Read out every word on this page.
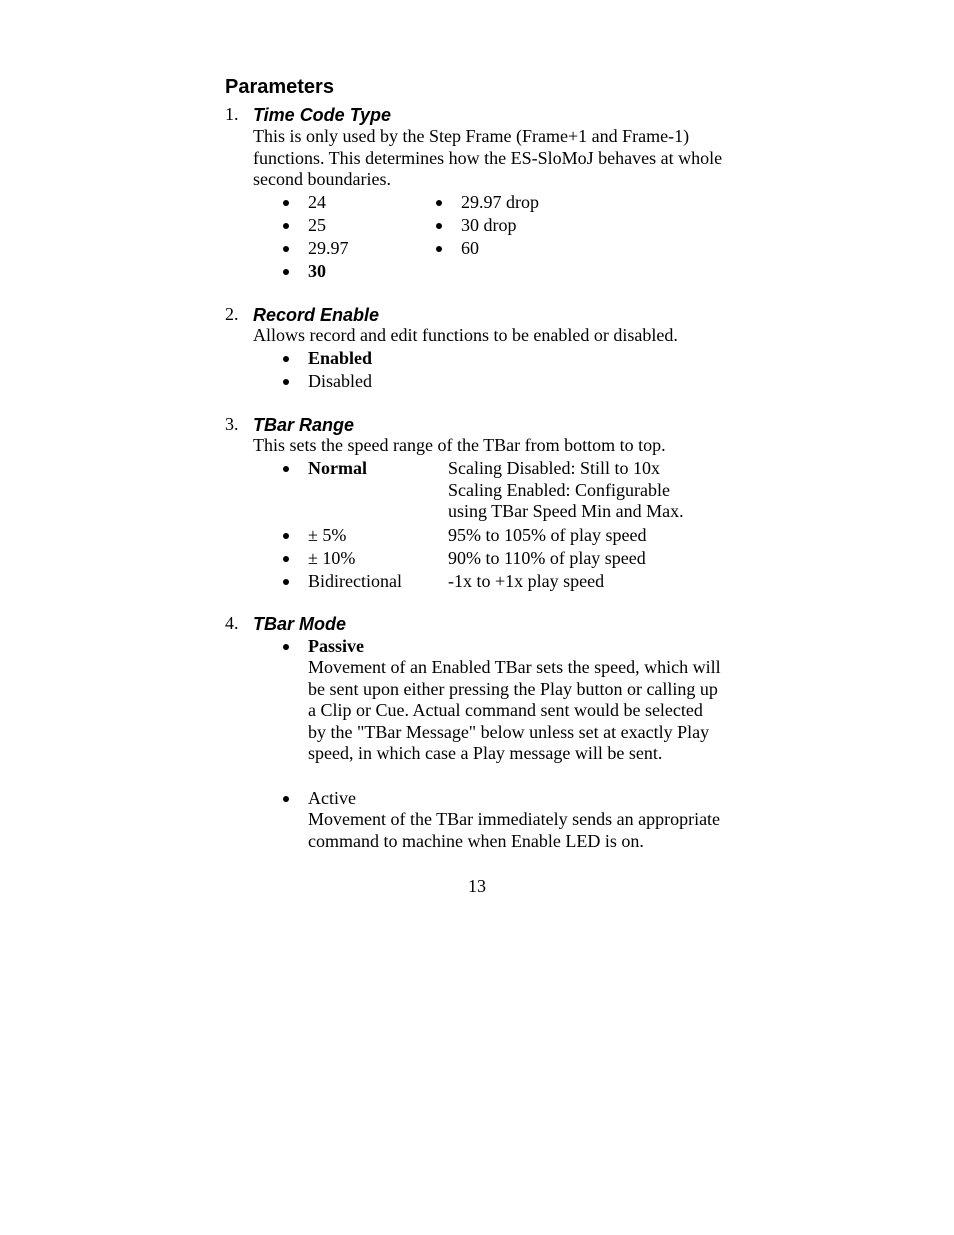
Parameters
1. Time Code Type
This is only used by the Step Frame (Frame+1 and Frame-1) functions. This determines how the ES-SloMoJ behaves at whole second boundaries.
24
25
29.97
30
29.97 drop
30 drop
60
2. Record Enable
Allows record and edit functions to be enabled or disabled.
Enabled
Disabled
3. TBar Range
This sets the speed range of the TBar from bottom to top.
Normal	Scaling Disabled: Still to 10x
Scaling Enabled: Configurable
using TBar Speed Min and Max.
± 5%	95% to 105% of play speed
± 10%	90% to 110% of play speed
Bidirectional	-1x to +1x play speed
4. TBar Mode
Passive
Movement of an Enabled TBar sets the speed, which will be sent upon either pressing the Play button or calling up a Clip or Cue. Actual command sent would be selected by the "TBar Message" below unless set at exactly Play speed, in which case a Play message will be sent.
Active
Movement of the TBar immediately sends an appropriate command to machine when Enable LED is on.
13
